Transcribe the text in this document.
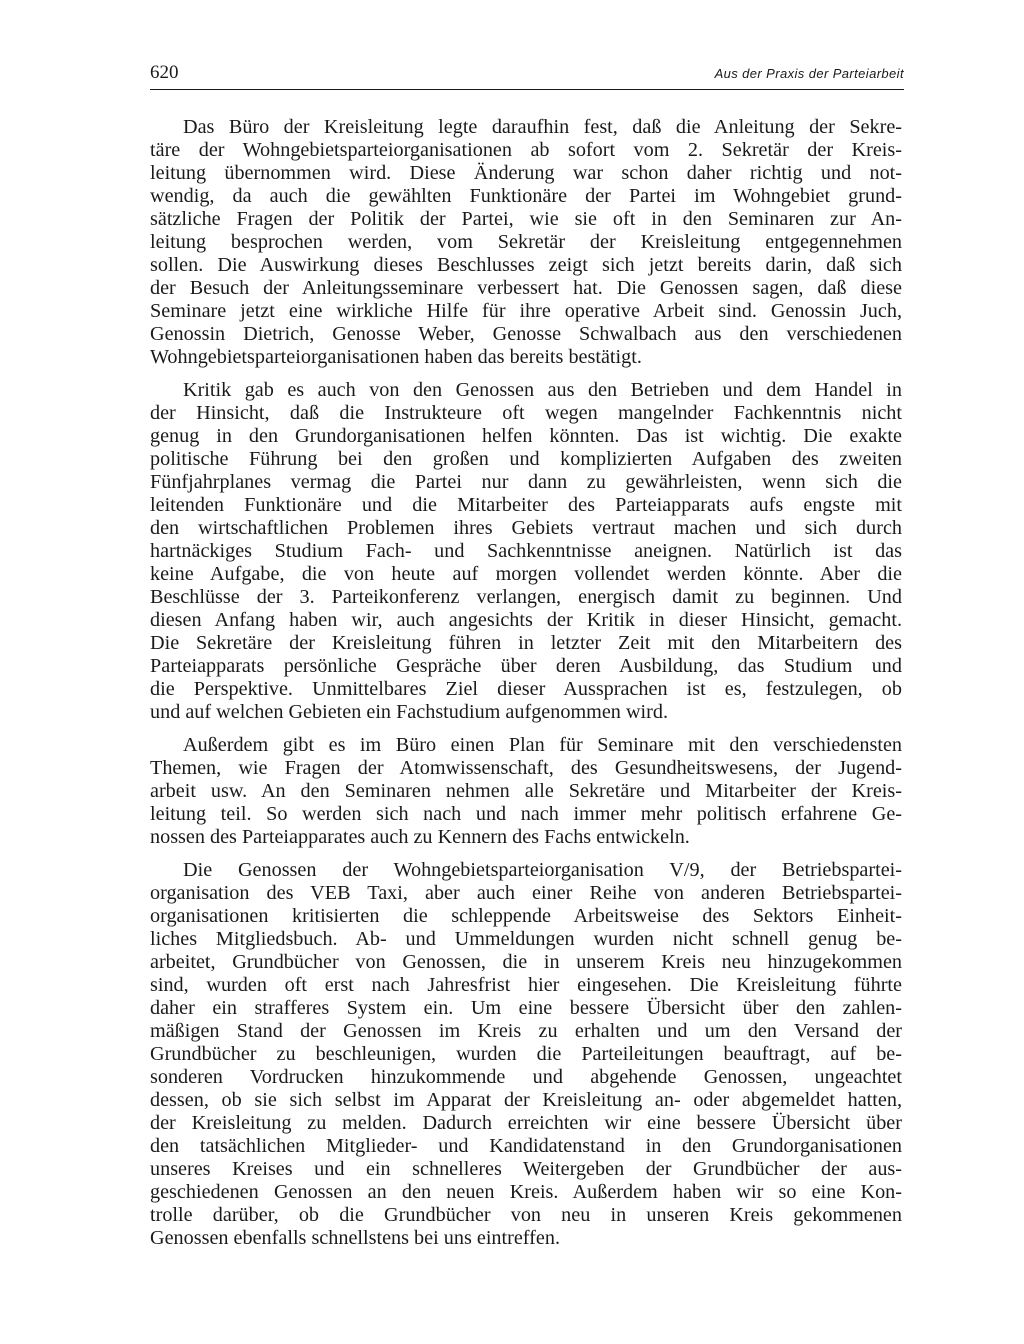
620	Aus der Praxis der Parteiarbeit

Das Büro der Kreisleitung legte daraufhin fest, daß die Anleitung der Sekre-
täre der Wohngebietsparteiorganisationen ab sofort vom 2. Sekretär der Kreis-
leitung übernommen wird. Diese Änderung war schon daher richtig und not-
wendig, da auch die gewählten Funktionäre der Partei im Wohngebiet grund-
sätzliche Fragen der Politik der Partei, wie sie oft in den Seminaren zur An-
leitung besprochen werden, vom Sekretär der Kreisleitung entgegennehmen
sollen. Die Auswirkung dieses Beschlusses zeigt sich jetzt bereits darin, daß sich
der Besuch der Anleitungsseminare verbessert hat. Die Genossen sagen, daß diese
Seminare jetzt eine wirkliche Hilfe für ihre operative Arbeit sind. Genossin Juch,
Genossin Dietrich, Genosse Weber, Genosse Schwalbach aus den verschiedenen
Wohngebietsparteiorganisationen haben das bereits bestätigt.

Kritik gab es auch von den Genossen aus den Betrieben und dem Handel in
der Hinsicht, daß die Instrukteure oft wegen mangelnder Fachkenntnis nicht
genug in den Grundorganisationen helfen könnten. Das ist wichtig. Die exakte
politische Führung bei den großen und komplizierten Aufgaben des zweiten
Fünfjahrplanes vermag die Partei nur dann zu gewährleisten, wenn sich die
leitenden Funktionäre und die Mitarbeiter des Parteiapparats aufs engste mit
den wirtschaftlichen Problemen ihres Gebiets vertraut machen und sich durch
hartnäckiges Studium Fach- und Sachkenntnisse aneignen. Natürlich ist das
keine Aufgabe, die von heute auf morgen vollendet werden könnte. Aber die
Beschlüsse der 3. Parteikonferenz verlangen, energisch damit zu beginnen. Und
diesen Anfang haben wir, auch angesichts der Kritik in dieser Hinsicht, gemacht.
Die Sekretäre der Kreisleitung führen in letzter Zeit mit den Mitarbeitern des
Parteiapparats persönliche Gespräche über deren Ausbildung, das Studium und
die Perspektive. Unmittelbares Ziel dieser Aussprachen ist es, festzulegen, ob
und auf welchen Gebieten ein Fachstudium aufgenommen wird.

Außerdem gibt es im Büro einen Plan für Seminare mit den verschiedensten
Themen, wie Fragen der Atomwissenschaft, des Gesundheitswesens, der Jugend-
arbeit usw. An den Seminaren nehmen alle Sekretäre und Mitarbeiter der Kreis-
leitung teil. So werden sich nach und nach immer mehr politisch erfahrene Ge-
nossen des Parteiapparates auch zu Kennern des Fachs entwickeln.

Die Genossen der Wohngebietsparteiorganisation V/9, der Betriebspartei-
organisation des VEB Taxi, aber auch einer Reihe von anderen Betriebspartei-
organisationen kritisierten die schleppende Arbeitsweise des Sektors Einheit-
liches Mitgliedsbuch. Ab- und Ummeldungen wurden nicht schnell genug be-
arbeitet, Grundbücher von Genossen, die in unserem Kreis neu hinzugekommen
sind, wurden oft erst nach Jahresfrist hier eingesehen. Die Kreisleitung führte
daher ein strafferes System ein. Um eine bessere Übersicht über den zahlen-
mäßigen Stand der Genossen im Kreis zu erhalten und um den Versand der
Grundbücher zu beschleunigen, wurden die Parteileitungen beauftragt, auf be-
sonderen Vordrucken hinzukommende und abgehende Genossen, ungeachtet
dessen, ob sie sich selbst im Apparat der Kreisleitung an- oder abgemeldet hatten,
der Kreisleitung zu melden. Dadurch erreichten wir eine bessere Übersicht über
den tatsächlichen Mitglieder- und Kandidatenstand in den Grundorganisationen
unseres Kreises und ein schnelleres Weitergeben der Grundbücher der aus-
geschiedenen Genossen an den neuen Kreis. Außerdem haben wir so eine Kon-
trolle darüber, ob die Grundbücher von neu in unseren Kreis gekommenen
Genossen ebenfalls schnellstens bei uns eintreffen.
